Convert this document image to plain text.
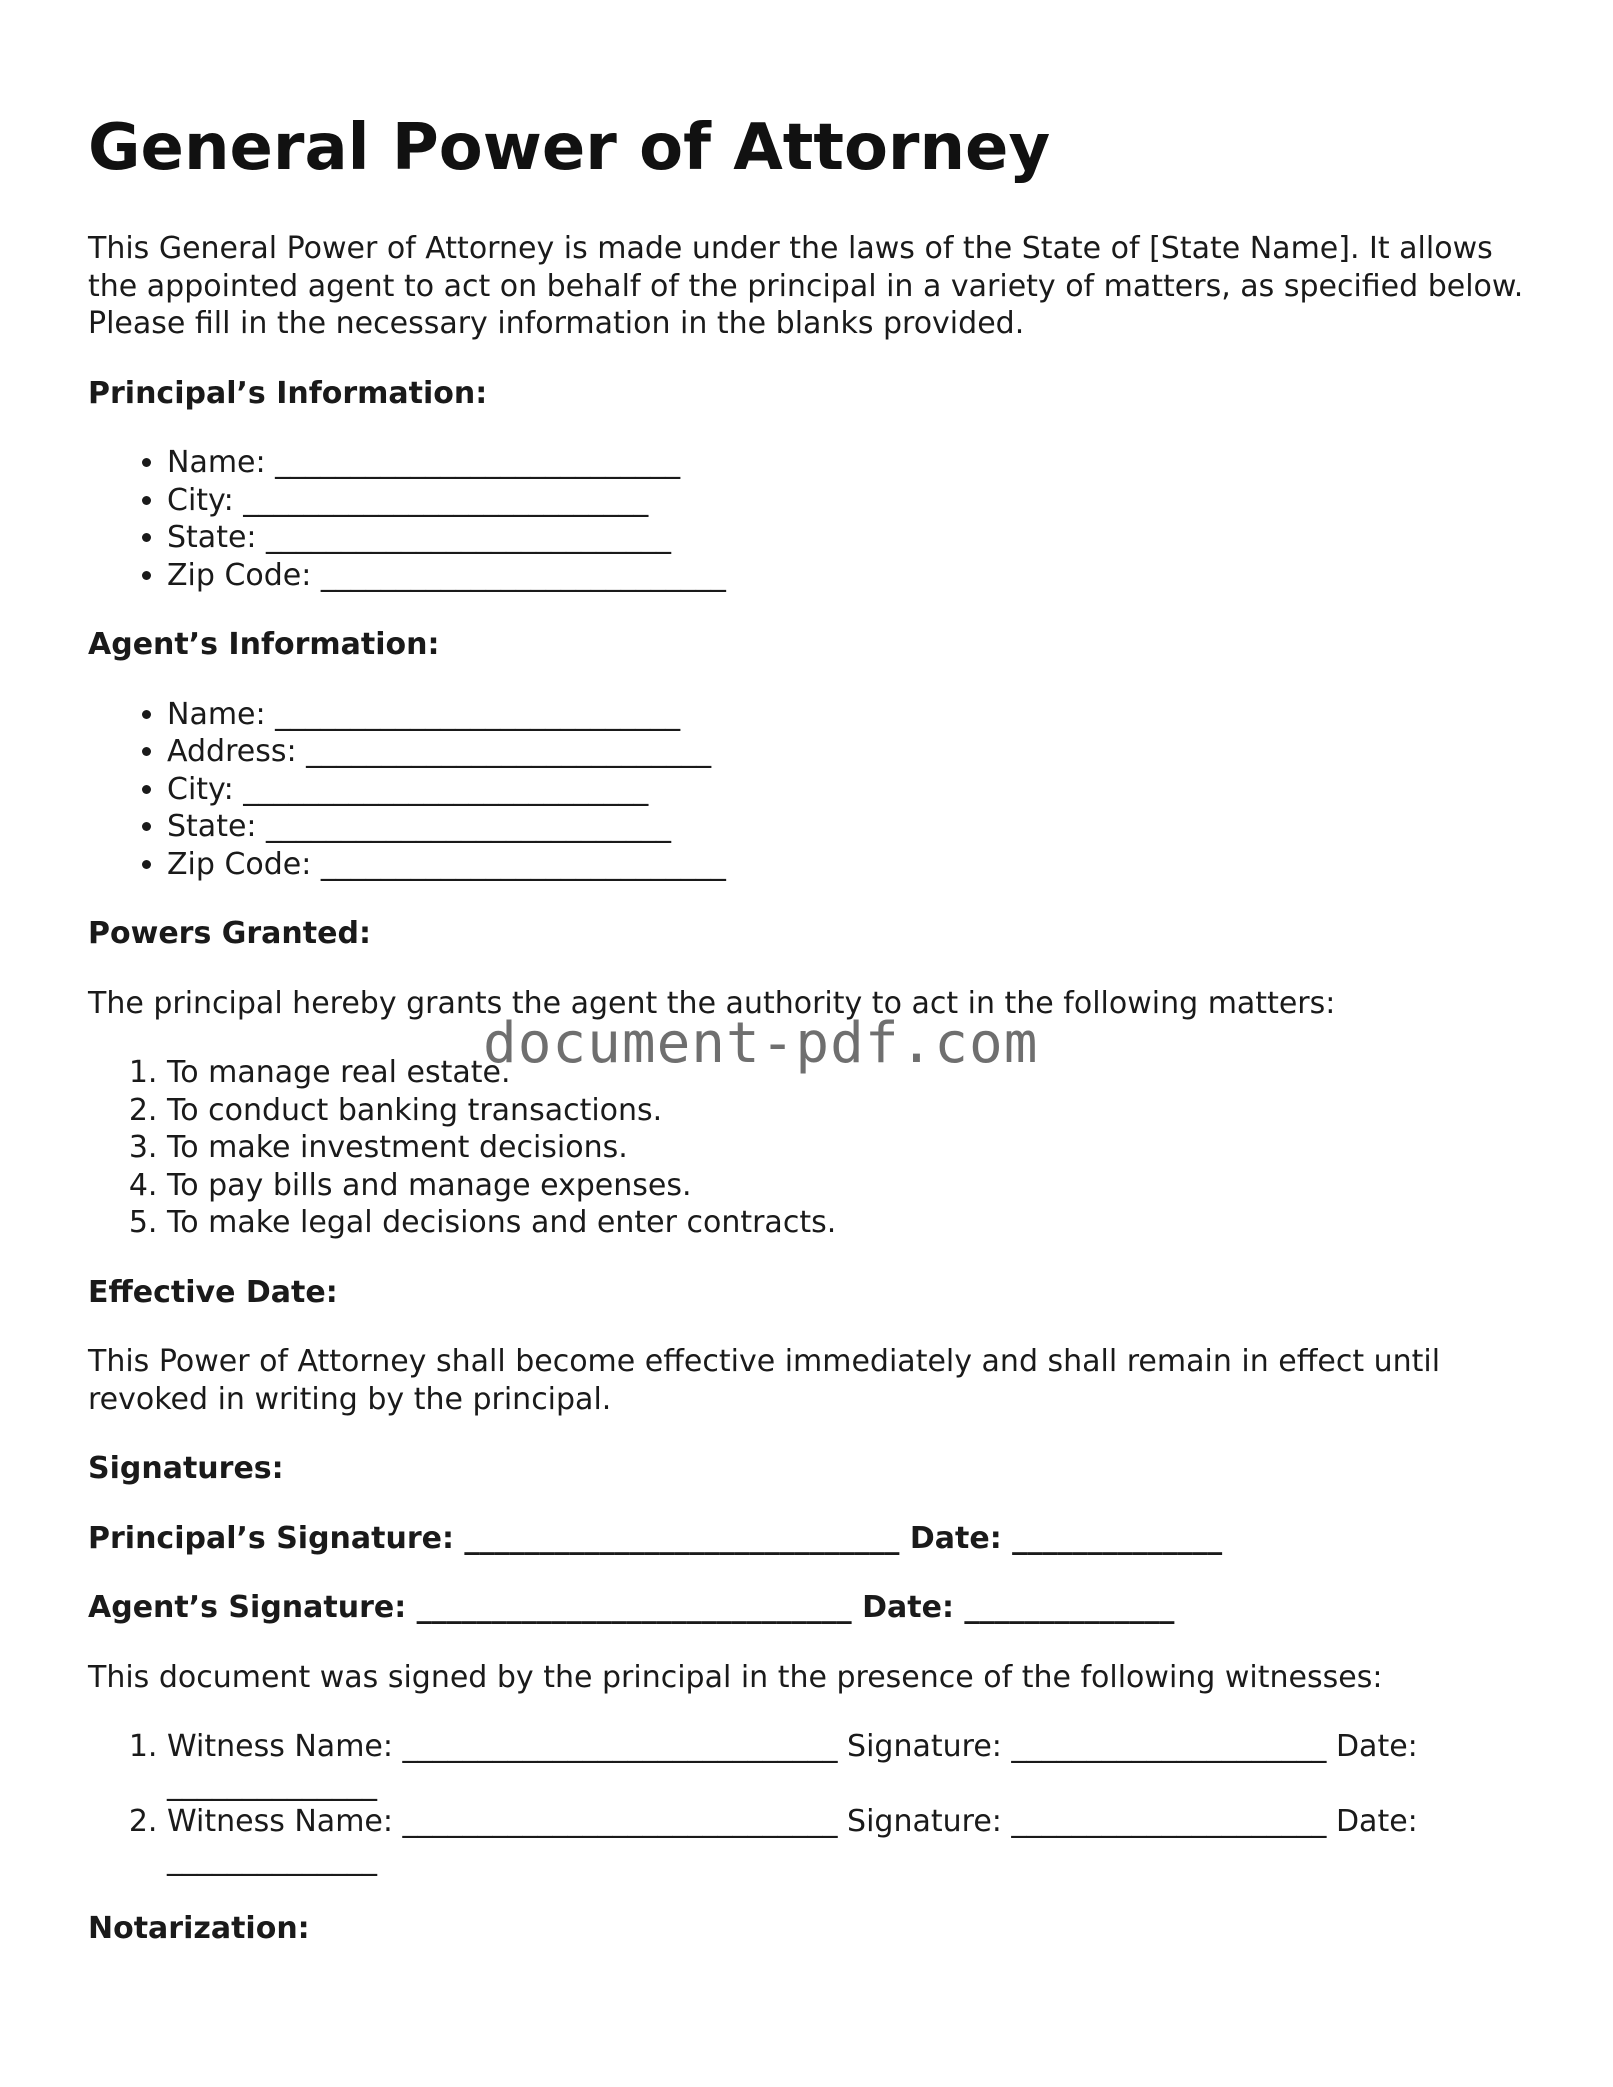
General Power of Attorney

This General Power of Attorney is made under the laws of the State of [State Name]. It allows the appointed agent to act on behalf of the principal in a variety of matters, as specified below. Please fill in the necessary information in the blanks provided.

Principal’s Information:
• Name: ___________________________
• City: ___________________________
• State: ___________________________
• Zip Code: ___________________________
Agent’s Information:
• Name: ___________________________
• Address: ___________________________
• City: ___________________________
• State: ___________________________
• Zip Code: ___________________________
Powers Granted:

The principal hereby grants the agent the authority to act in the following matters:

1. To manage real estate.
2. To conduct banking transactions.
3. To make investment decisions.
4. To pay bills and manage expenses.
5. To make legal decisions and enter contracts.
Effective Date:

This Power of Attorney shall become effective immediately and shall remain in effect until revoked in writing by the principal.

Signatures:
Principal’s Signature: _____________________________ Date: ______________
Agent’s Signature: _____________________________ Date: ______________

This document was signed by the principal in the presence of the following witnesses:

1. Witness Name: _____________________________ Signature: _____________________ Date: ______________
2. Witness Name: _____________________________ Signature: _____________________ Date: ______________
Notarization:
document-pdf.com
